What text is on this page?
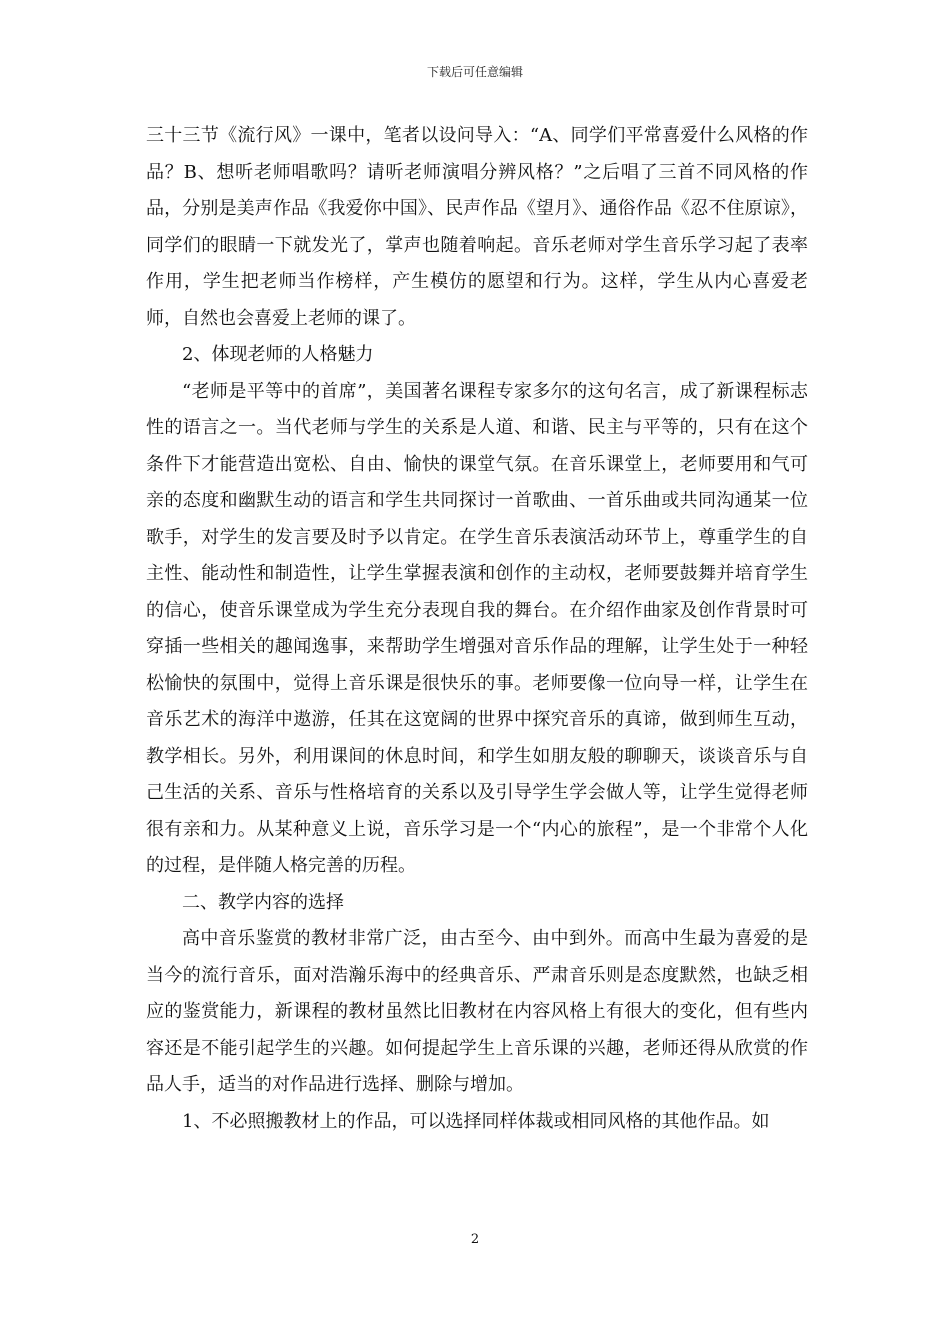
下载后可任意编辑

三十三节《流行风》一课中，笔者以设问导入：“A、同学们平常喜爱什么风格的作品？B、想听老师唱歌吗？请听老师演唱分辨风格？”之后唱了三首不同风格的作品，分别是美声作品《我爱你中国》、民声作品《望月》、通俗作品《忍不住原谅》，同学们的眼睛一下就发光了，掌声也随着响起。音乐老师对学生音乐学习起了表率作用，学生把老师当作榜样，产生模仿的愿望和行为。这样，学生从内心喜爱老师，自然也会喜爱上老师的课了。

2、体现老师的人格魅力

“老师是平等中的首席”，美国著名课程专家多尔的这句名言，成了新课程标志性的语言之一。当代老师与学生的关系是人道、和谐、民主与平等的，只有在这个条件下才能营造出宽松、自由、愉快的课堂气氛。在音乐课堂上，老师要用和气可亲的态度和幽默生动的语言和学生共同探讨一首歌曲、一首乐曲或共同沟通某一位歌手，对学生的发言要及时予以肯定。在学生音乐表演活动环节上，尊重学生的自主性、能动性和制造性，让学生掌握表演和创作的主动权，老师要鼓舞并培育学生的信心，使音乐课堂成为学生充分表现自我的舞台。在介绍作曲家及创作背景时可穿插一些相关的趣闻逸事，来帮助学生增强对音乐作品的理解，让学生处于一种轻松愉快的氛围中，觉得上音乐课是很快乐的事。老师要像一位向导一样，让学生在音乐艺术的海洋中遨游，任其在这宽阔的世界中探究音乐的真谛，做到师生互动，教学相长。另外，利用课间的休息时间，和学生如朋友般的聊聊天，谈谈音乐与自己生活的关系、音乐与性格培育的关系以及引导学生学会做人等，让学生觉得老师很有亲和力。从某种意义上说，音乐学习是一个“内心的旅程”，是一个非常个人化的过程，是伴随人格完善的历程。

二、教学内容的选择

高中音乐鉴赏的教材非常广泛，由古至今、由中到外。而高中生最为喜爱的是当今的流行音乐，面对浩瀚乐海中的经典音乐、严肃音乐则是态度默然，也缺乏相应的鉴赏能力，新课程的教材虽然比旧教材在内容风格上有很大的变化，但有些内容还是不能引起学生的兴趣。如何提起学生上音乐课的兴趣，老师还得从欣赏的作品人手，适当的对作品进行选择、删除与增加。

1、不必照搬教材上的作品，可以选择同样体裁或相同风格的其他作品。如

2
